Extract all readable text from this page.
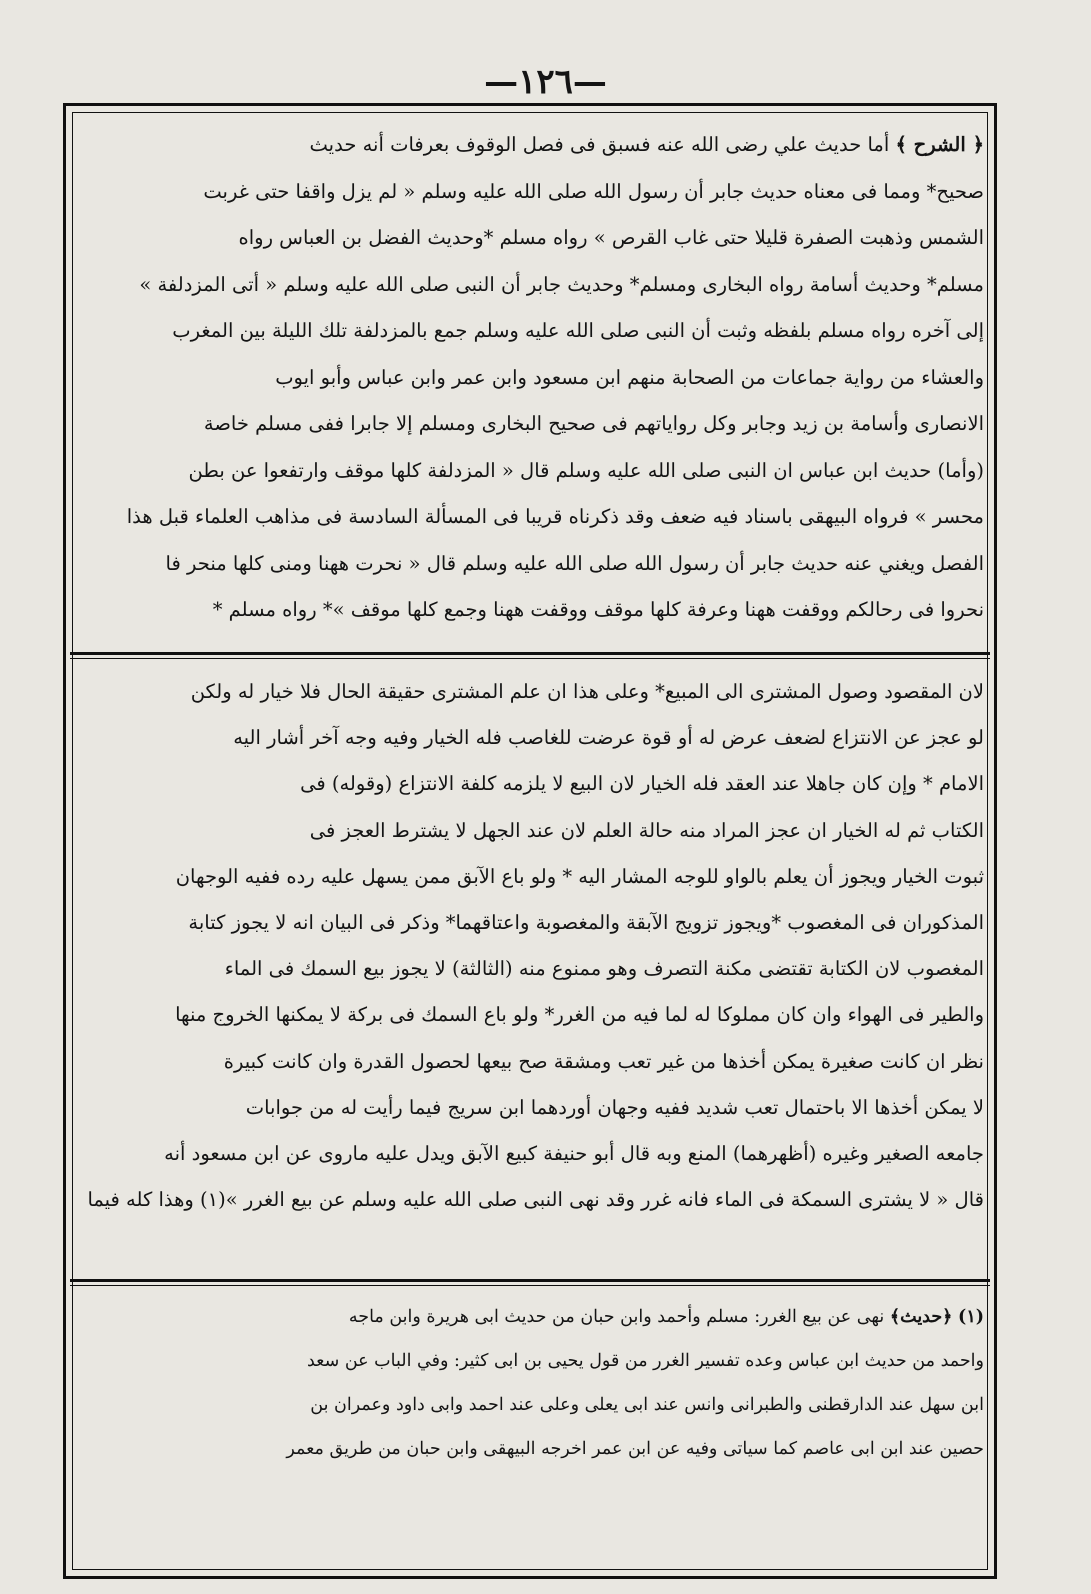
—١٢٦—
﴿ الشرح ﴾ أما حديث علي رضى الله عنه فسبق فى فصل الوقوف بعرفات أنه حديث
صحيح* ومما فى معناه حديث جابر أن رسول الله صلى الله عليه وسلم « لم يزل واقفا حتى غربت
الشمس وذهبت الصفرة قليلا حتى غاب القرص » رواه مسلم *وحديث الفضل بن العباس رواه
مسلم* وحديث أسامة رواه البخارى ومسلم* وحديث جابر أن النبى صلى الله عليه وسلم « أتى المزدلفة »
إلى آخره رواه مسلم بلفظه وثبت أن النبى صلى الله عليه وسلم جمع بالمزدلفة تلك الليلة بين المغرب
والعشاء من رواية جماعات من الصحابة منهم ابن مسعود وابن عمر وابن عباس وأبو ايوب
الانصارى وأسامة بن زيد وجابر وكل رواياتهم فى صحيح البخارى ومسلم إلا جابرا ففى مسلم خاصة
(وأما) حديث ابن عباس ان النبى صلى الله عليه وسلم قال « المزدلفة كلها موقف وارتفعوا عن بطن
محسر » فرواه البيهقى باسناد فيه ضعف وقد ذكرناه قريبا فى المسألة السادسة فى مذاهب العلماء قبل هذا
الفصل ويغني عنه حديث جابر أن رسول الله صلى الله عليه وسلم قال « نحرت ههنا ومنى كلها منحر فا
نحروا فى رحالكم ووقفت ههنا وعرفة كلها موقف ووقفت ههنا وجمع كلها موقف »* رواه مسلم *
لان المقصود وصول المشترى الى المبيع* وعلى هذا ان علم المشترى حقيقة الحال فلا خيار له ولكن
لو عجز عن الانتزاع لضعف عرض له أو قوة عرضت للغاصب فله الخيار وفيه وجه آخر أشار اليه
الامام * وإن كان جاهلا عند العقد فله الخيار لان البيع لا يلزمه كلفة الانتزاع (وقوله) فى
الكتاب ثم له الخيار ان عجز المراد منه حالة العلم لان عند الجهل لا يشترط العجز فى
ثبوت الخيار ويجوز أن يعلم بالواو للوجه المشار اليه * ولو باع الآبق ممن يسهل عليه رده ففيه الوجهان
المذكوران فى المغصوب *ويجوز تزويج الآبقة والمغصوبة واعتاقهما* وذكر فى البيان انه لا يجوز كتابة
المغصوب لان الكتابة تقتضى مكنة التصرف وهو ممنوع منه (الثالثة) لا يجوز بيع السمك فى الماء
والطير فى الهواء وان كان مملوكا له لما فيه من الغرر* ولو باع السمك فى بركة لا يمكنها الخروج منها
نظر ان كانت صغيرة يمكن أخذها من غير تعب ومشقة صح بيعها لحصول القدرة وان كانت كبيرة
لا يمكن أخذها الا باحتمال تعب شديد ففيه وجهان أوردهما ابن سريج فيما رأيت له من جوابات
جامعه الصغير وغيره (أظهرهما) المنع وبه قال أبو حنيفة كبيع الآبق ويدل عليه ماروى عن ابن مسعود أنه
قال « لا يشترى السمكة فى الماء فانه غرر وقد نهى النبى صلى الله عليه وسلم عن بيع الغرر »(١) وهذا كله فيما
(١) ﴿حديث﴾ نهى عن بيع الغرر: مسلم وأحمد وابن حبان من حديث ابى هريرة وابن ماجه
واحمد من حديث ابن عباس وعده تفسير الغرر من قول يحيى بن ابى كثير: وفي الباب عن سعد
ابن سهل عند الدارقطنى والطبرانى وانس عند ابى يعلى وعلى عند احمد وابى داود وعمران بن
حصين عند ابن ابى عاصم كما سياتى وفيه عن ابن عمر اخرجه البيهقى وابن حبان من طريق معمر
